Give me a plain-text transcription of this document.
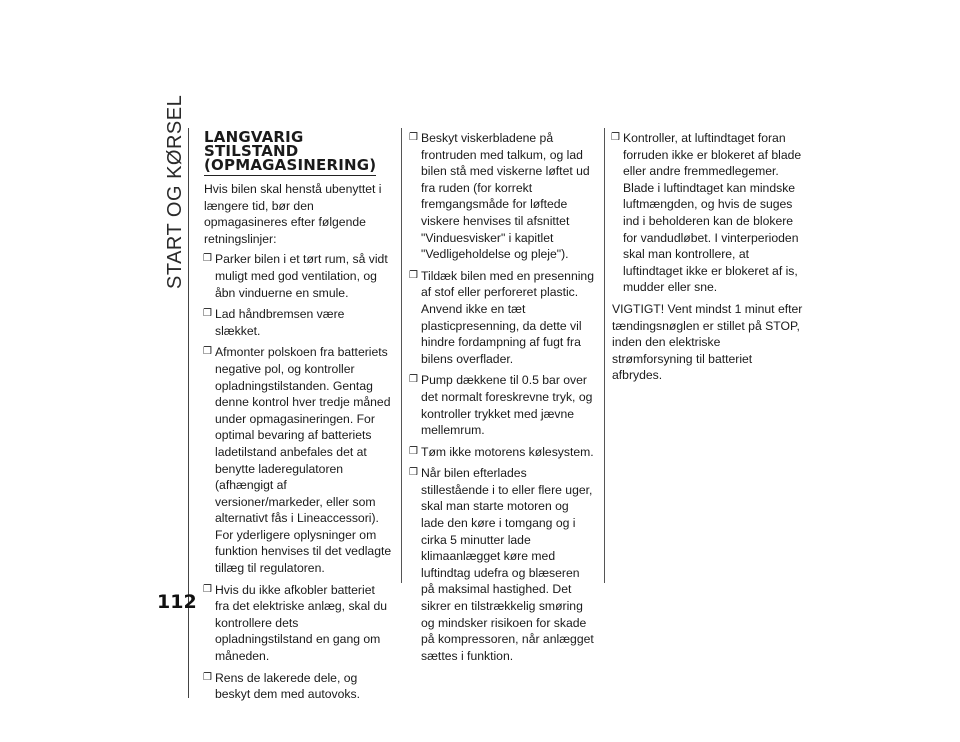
START OG KØRSEL
112
LANGVARIG
STILSTAND
(OPMAGASINERING)

Hvis bilen skal henstå ubenyttet i længere tid, bør den opmagasineres efter følgende retningslinjer:

❒ Parker bilen i et tørt rum, så vidt muligt med god ventilation, og åbn vinduerne en smule.
❒ Lad håndbremsen være slækket.
❒ Afmonter polskoen fra batteriets negative pol, og kontroller opladningstilstanden. Gentag denne kontrol hver tredje måned under opmagasineringen. For optimal bevaring af batteriets ladetilstand anbefales det at benytte laderegulatoren (afhængigt af versioner/markeder, eller som alternativt fås i Lineaccessori). For yderligere oplysninger om funktion henvises til det vedlagte tillæg til regulatoren.
❒ Hvis du ikke afkobler batteriet fra det elektriske anlæg, skal du kontrollere dets opladningstilstand en gang om måneden.
❒ Rens de lakerede dele, og beskyt dem med autovoks.
❒ Beskyt viskerbladene på frontruden med talkum, og lad bilen stå med viskerne løftet ud fra ruden (for korrekt fremgangsmåde for løftede viskere henvises til afsnittet "Vinduesvisker" i kapitlet "Vedligeholdelse og pleje").
❒ Tildæk bilen med en presenning af stof eller perforeret plastic. Anvend ikke en tæt plasticpresenning, da dette vil hindre fordampning af fugt fra bilens overflader.
❒ Pump dækkene til 0.5 bar over det normalt foreskrevne tryk, og kontroller trykket med jævne mellemrum.
❒ Tøm ikke motorens kølesystem.
❒ Når bilen efterlades stillestående i to eller flere uger, skal man starte motoren og lade den køre i tomgang og i cirka 5 minutter lade klimaanlægget køre med luftindtag udefra og blæseren på maksimal hastighed. Det sikrer en tilstrækkelig smøring og mindsker risikoen for skade på kompressoren, når anlægget sættes i funktion.
❒ Kontroller, at luftindtaget foran forruden ikke er blokeret af blade eller andre fremmedlegemer. Blade i luftindtaget kan mindske luftmængden, og hvis de suges ind i beholderen kan de blokere for vandudløbet. I vinterperioden skal man kontrollere, at luftindtaget ikke er blokeret af is, mudder eller sne.

VIGTIGT! Vent mindst 1 minut efter tændingsnøglen er stillet på STOP, inden den elektriske strømforsyning til batteriet afbrydes.
